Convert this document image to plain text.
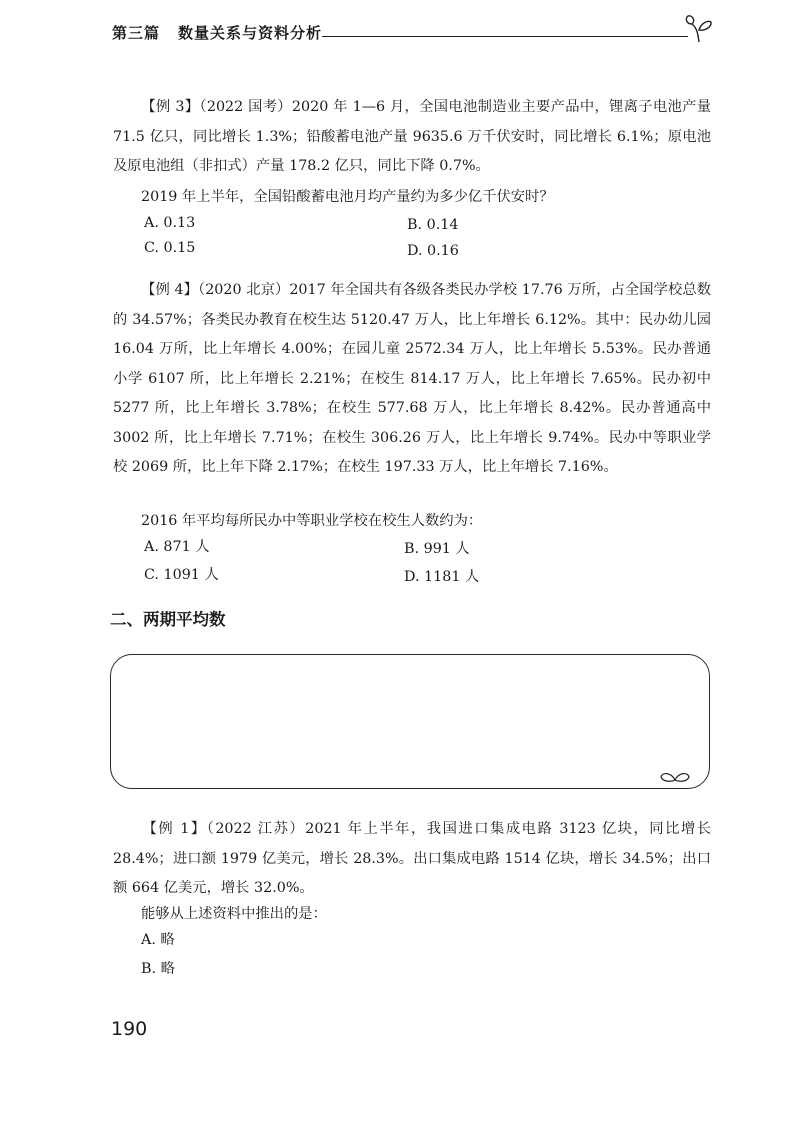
第三篇 数量关系与资料分析
【例 3】（2022 国考）2020 年 1—6 月，全国电池制造业主要产品中，锂离子电池产量 71.5 亿只，同比增长 1.3%；铅酸蓄电池产量 9635.6 万千伏安时，同比增长 6.1%；原电池及原电池组（非扣式）产量 178.2 亿只，同比下降 0.7%。
2019 年上半年，全国铅酸蓄电池月均产量约为多少亿千伏安时？
A. 0.13	B. 0.14
C. 0.15	D. 0.16
【例 4】（2020 北京）2017 年全国共有各级各类民办学校 17.76 万所，占全国学校总数的 34.57%；各类民办教育在校生达 5120.47 万人，比上年增长 6.12%。其中：民办幼儿园 16.04 万所，比上年增长 4.00%；在园儿童 2572.34 万人，比上年增长 5.53%。民办普通小学 6107 所，比上年增长 2.21%；在校生 814.17 万人，比上年增长 7.65%。民办初中 5277 所，比上年增长 3.78%；在校生 577.68 万人，比上年增长 8.42%。民办普通高中 3002 所，比上年增长 7.71%；在校生 306.26 万人，比上年增长 9.74%。民办中等职业学校 2069 所，比上年下降 2.17%；在校生 197.33 万人，比上年增长 7.16%。
2016 年平均每所民办中等职业学校在校生人数约为：
A. 871 人	B. 991 人
C. 1091 人	D. 1181 人
二、两期平均数
【例 1】（2022 江苏）2021 年上半年，我国进口集成电路 3123 亿块，同比增长 28.4%；进口额 1979 亿美元，增长 28.3%。出口集成电路 1514 亿块，增长 34.5%；出口额 664 亿美元，增长 32.0%。
能够从上述资料中推出的是：
A. 略
B. 略
190
